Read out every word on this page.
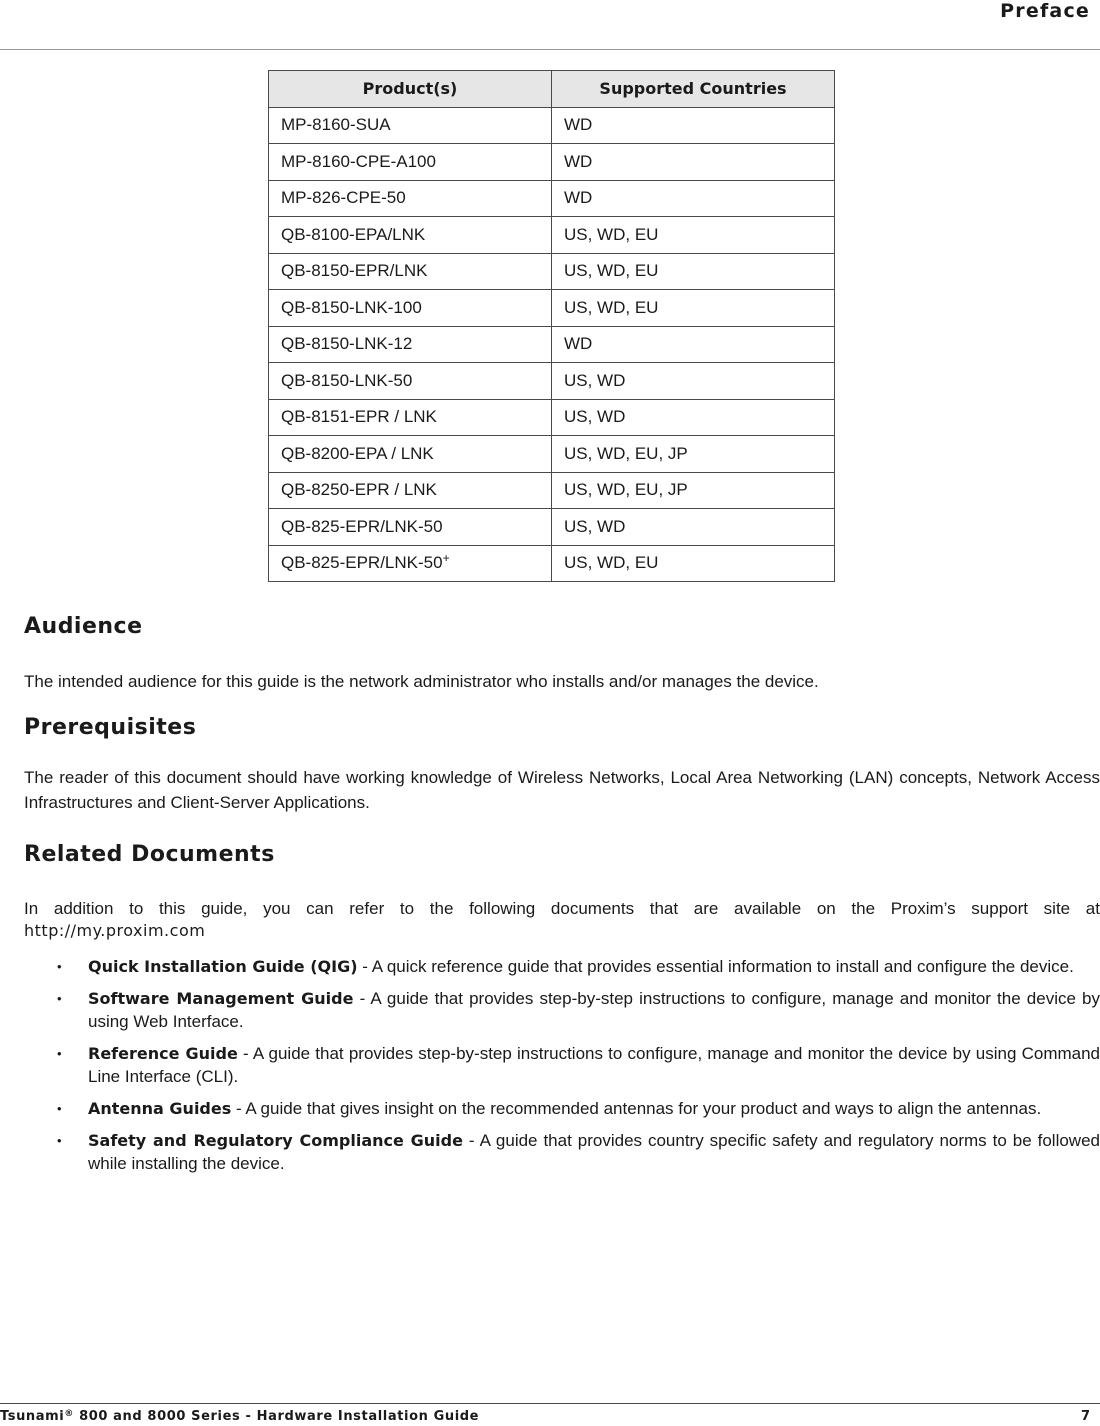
Preface
Product(s)	Supported Countries
MP-8160-SUA	WD
MP-8160-CPE-A100	WD
MP-826-CPE-50	WD
QB-8100-EPA/LNK	US, WD, EU
QB-8150-EPR/LNK	US, WD, EU
QB-8150-LNK-100	US, WD, EU
QB-8150-LNK-12	WD
QB-8150-LNK-50	US, WD
QB-8151-EPR / LNK	US, WD
QB-8200-EPA / LNK	US, WD, EU, JP
QB-8250-EPR / LNK	US, WD, EU, JP
QB-825-EPR/LNK-50	US, WD
QB-825-EPR/LNK-50+	US, WD, EU
Audience

The intended audience for this guide is the network administrator who installs and/or manages the device.

Prerequisites

The reader of this document should have working knowledge of Wireless Networks, Local Area Networking (LAN) concepts, Network Access Infrastructures and Client-Server Applications.

Related Documents

In addition to this guide, you can refer to the following documents that are available on the Proxim’s support site at

http://my.proxim.com
• Quick Installation Guide (QIG) - A quick reference guide that provides essential information to install and configure the device.
• Software Management Guide - A guide that provides step-by-step instructions to configure, manage and monitor the device by using Web Interface.
• Reference Guide - A guide that provides step-by-step instructions to configure, manage and monitor the device by using Command Line Interface (CLI).
• Antenna Guides - A guide that gives insight on the recommended antennas for your product and ways to align the antennas.
• Safety and Regulatory Compliance Guide - A guide that provides country specific safety and regulatory norms to be followed while installing the device.
Tsunami® 800 and 8000 Series - Hardware Installation Guide	7
